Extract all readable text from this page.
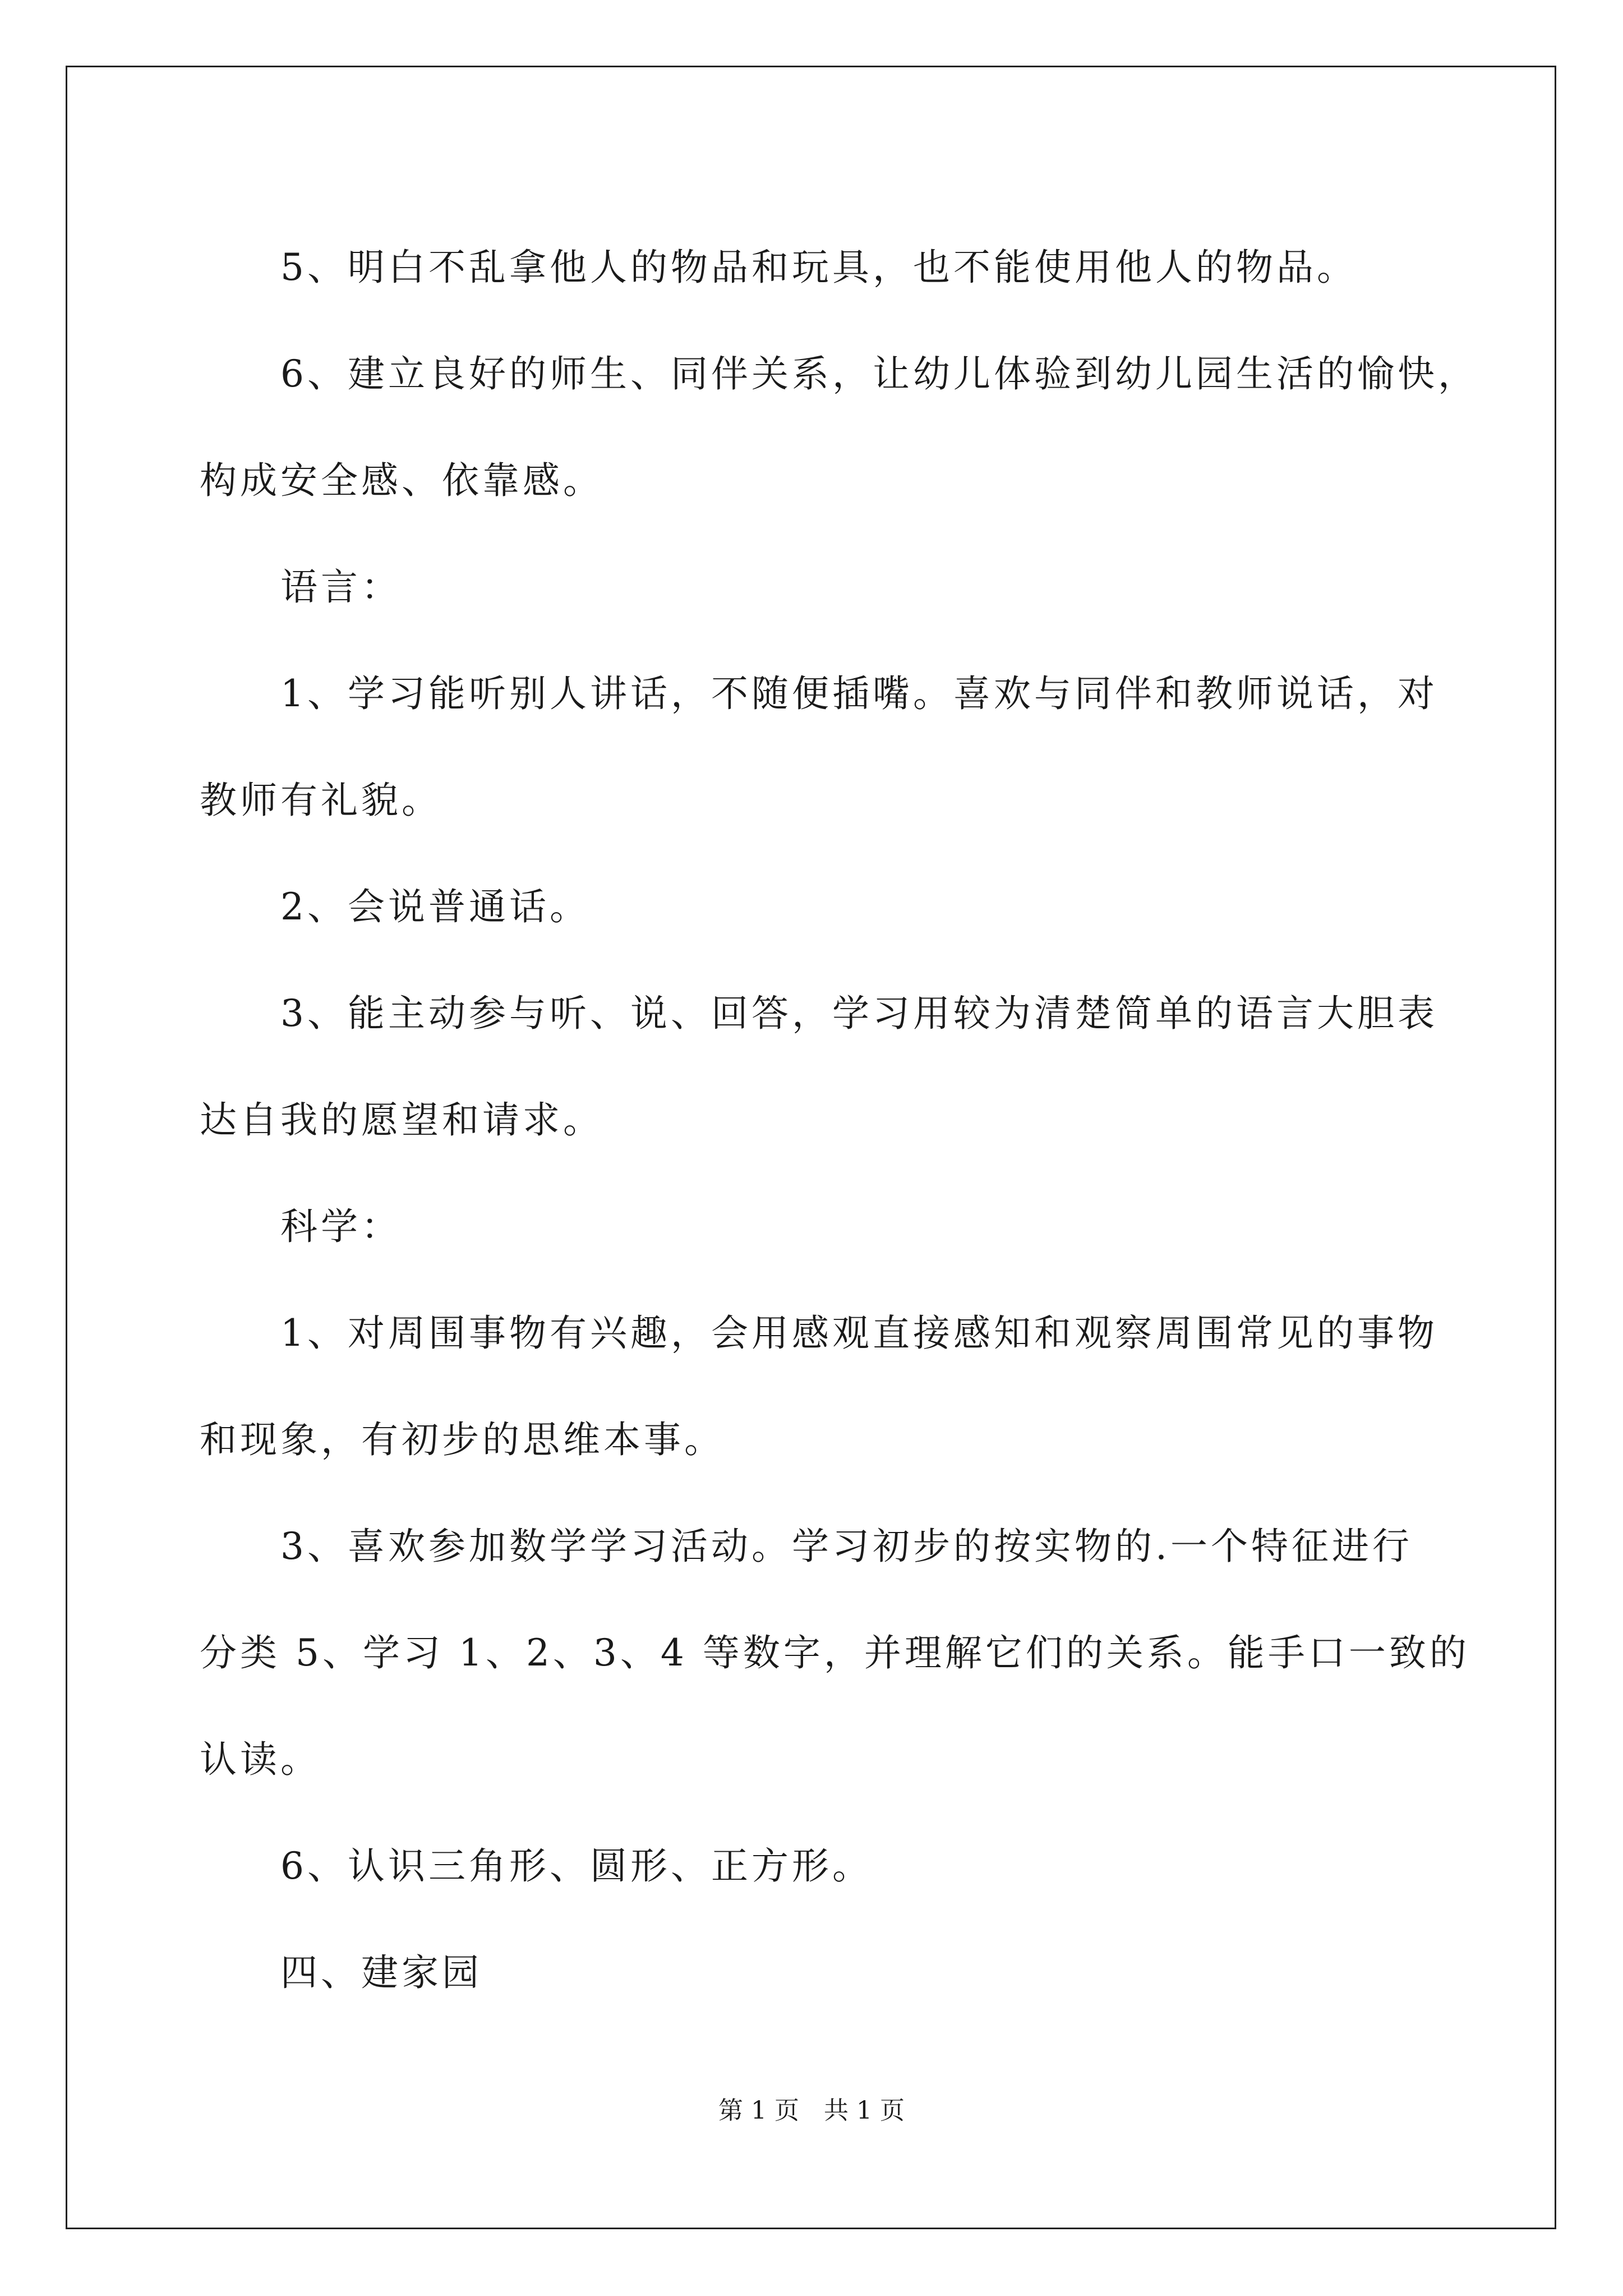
5、明白不乱拿他人的物品和玩具，也不能使用他人的物品。

6、建立良好的师生、同伴关系，让幼儿体验到幼儿园生活的愉快，

构成安全感、依靠感。

语言：

1、学习能听别人讲话，不随便插嘴。喜欢与同伴和教师说话，对

教师有礼貌。

2、会说普通话。

3、能主动参与听、说、回答，学习用较为清楚简单的语言大胆表

达自我的愿望和请求。

科学：

1、对周围事物有兴趣，会用感观直接感知和观察周围常见的事物

和现象，有初步的思维本事。

3、喜欢参加数学学习活动。学习初步的按实物的.一个特征进行

分类 5、学习 1、2、3、4 等数字，并理解它们的关系。能手口一致的

认读。

6、认识三角形、圆形、正方形。

四、建家园

第 1 页 共 1 页
